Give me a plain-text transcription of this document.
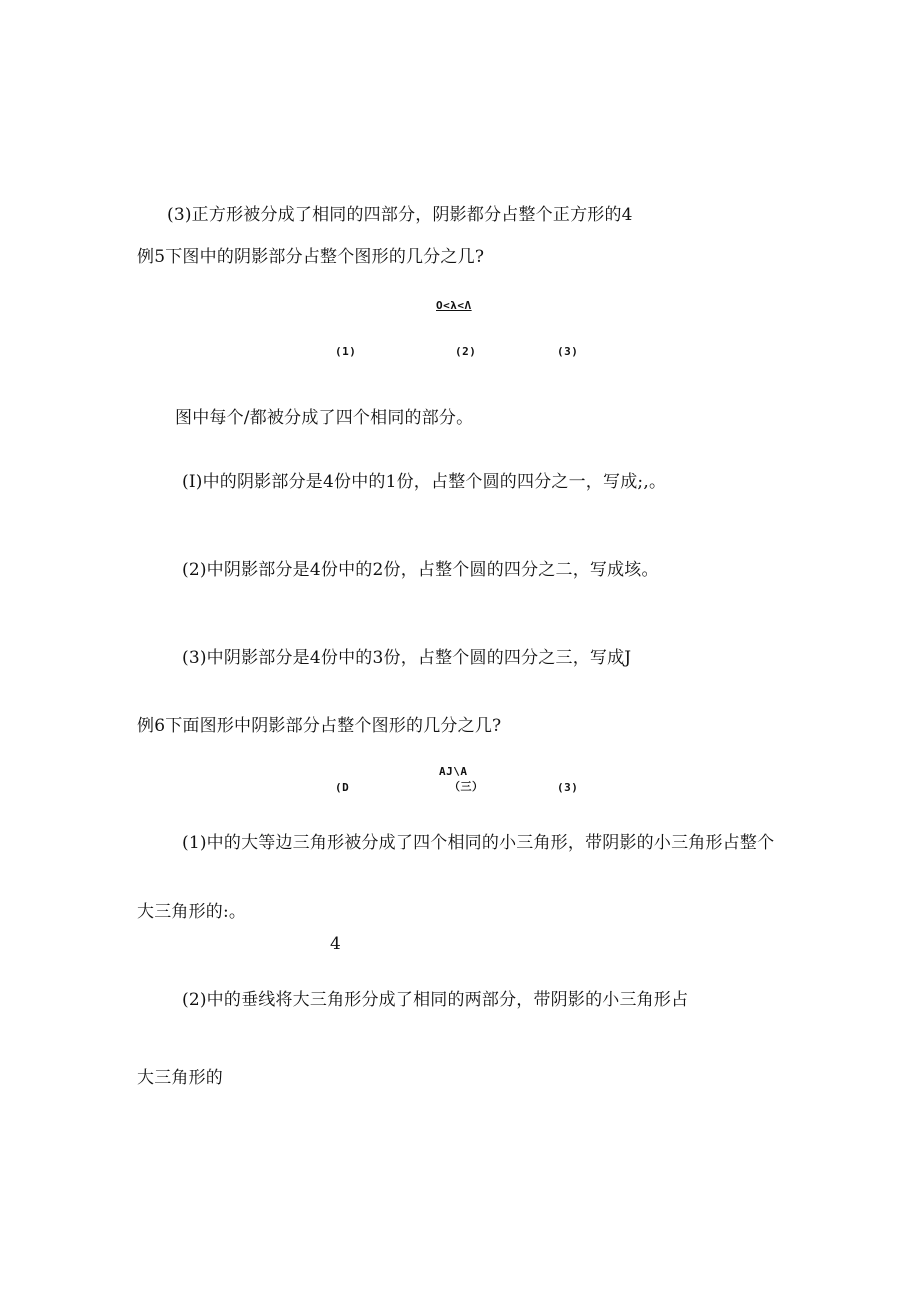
(3)正方形被分成了相同的四部分，阴影都分占整个正方形的4
例5下图中的阴影部分占整个图形的几分之几?
O<λ<Λ
(1)	(2)	(3)
图中每个/都被分成了四个相同的部分。
(I)中的阴影部分是4份中的1份，占整个圆的四分之一，写成;,。
(2)中阴影部分是4份中的2份，占整个圆的四分之二，写成垓。
(3)中阴影部分是4份中的3份，占整个圆的四分之三，写成J
例6下面图形中阴影部分占整个图形的几分之几?
AJ\A
(D	（三）	(3)
(1)中的大等边三角形被分成了四个相同的小三角形，带阴影的小三角形占整个
大三角形的:。
4
(2)中的垂线将大三角形分成了相同的两部分，带阴影的小三角形占
大三角形的
